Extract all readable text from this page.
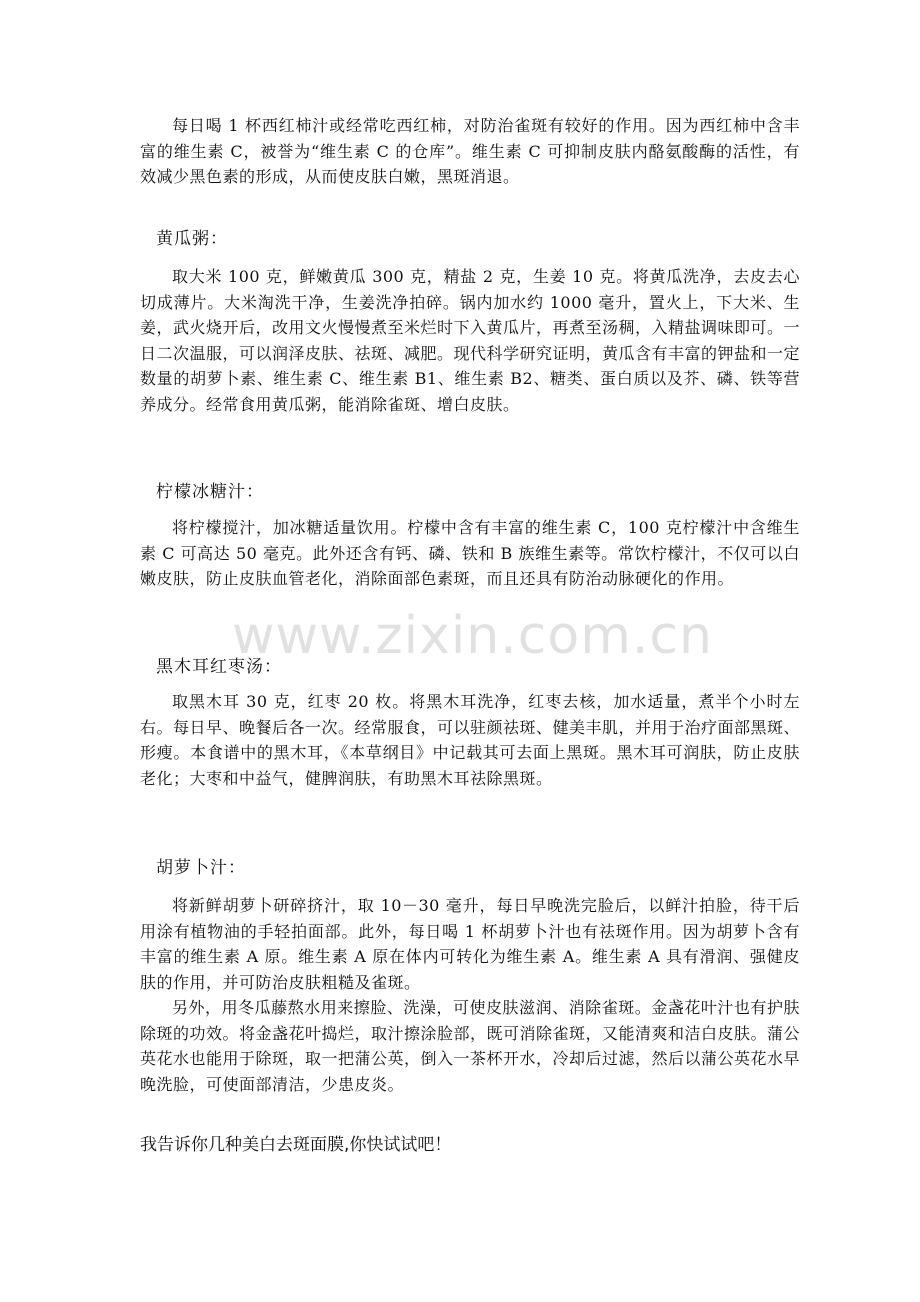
每日喝 1 杯西红柿汁或经常吃西红柿，对防治雀斑有较好的作用。因为西红柿中含丰富的维生素 C，被誉为“维生素 C 的仓库”。维生素 C 可抑制皮肤内酪氨酸酶的活性，有效减少黑色素的形成，从而使皮肤白嫩，黑斑消退。

黄瓜粥：

取大米 100 克，鲜嫩黄瓜 300 克，精盐 2 克，生姜 10 克。将黄瓜洗净，去皮去心切成薄片。大米淘洗干净，生姜洗净拍碎。锅内加水约 1000 毫升，置火上，下大米、生姜，武火烧开后，改用文火慢慢煮至米烂时下入黄瓜片，再煮至汤稠，入精盐调味即可。一日二次温服，可以润泽皮肤、祛斑、减肥。现代科学研究证明，黄瓜含有丰富的钾盐和一定数量的胡萝卜素、维生素 C、维生素 B1、维生素 B2、糖类、蛋白质以及芥、磷、铁等营养成分。经常食用黄瓜粥，能消除雀斑、增白皮肤。

柠檬冰糖汁：

将柠檬搅汁，加冰糖适量饮用。柠檬中含有丰富的维生素 C，100 克柠檬汁中含维生素 C 可高达 50 毫克。此外还含有钙、磷、铁和 B 族维生素等。常饮柠檬汁，不仅可以白嫩皮肤，防止皮肤血管老化，消除面部色素斑，而且还具有防治动脉硬化的作用。

黑木耳红枣汤：

取黑木耳 30 克，红枣 20 枚。将黑木耳洗净，红枣去核，加水适量，煮半个小时左右。每日早、晚餐后各一次。经常服食，可以驻颜祛斑、健美丰肌，并用于治疗面部黑斑、形瘦。本食谱中的黑木耳，《本草纲目》中记载其可去面上黑斑。黑木耳可润肤，防止皮肤老化；大枣和中益气，健脾润肤，有助黑木耳祛除黑斑。

胡萝卜汁：

将新鲜胡萝卜研碎挤汁，取 10－30 毫升，每日早晚洗完脸后，以鲜汁拍脸，待干后用涂有植物油的手轻拍面部。此外，每日喝 1 杯胡萝卜汁也有祛斑作用。因为胡萝卜含有丰富的维生素 A 原。维生素 A 原在体内可转化为维生素 A。维生素 A 具有滑润、强健皮肤的作用，并可防治皮肤粗糙及雀斑。

另外，用冬瓜藤熬水用来擦脸、洗澡，可使皮肤滋润、消除雀斑。金盏花叶汁也有护肤除斑的功效。将金盏花叶捣烂，取汁擦涂脸部，既可消除雀斑，又能清爽和洁白皮肤。蒲公英花水也能用于除斑，取一把蒲公英，倒入一茶杯开水，冷却后过滤，然后以蒲公英花水早晚洗脸，可使面部清洁，少患皮炎。

我告诉你几种美白去斑面膜,你快试试吧！

www.zixin.com.cn
